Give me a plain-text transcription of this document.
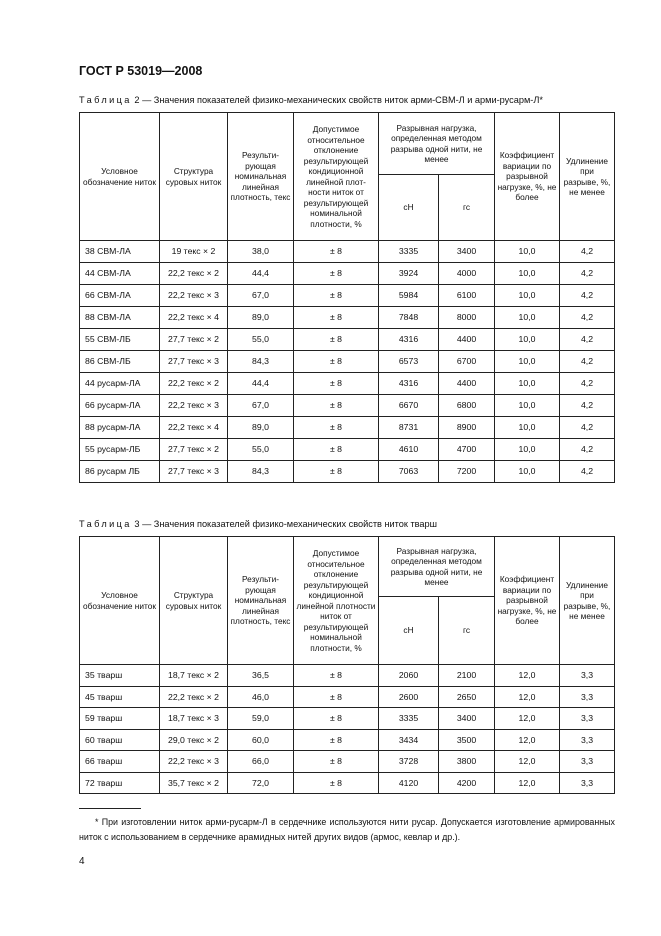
ГОСТ Р 53019—2008
Таблица 2 — Значения показателей физико-механических свойств ниток арми-СВМ-Л и арми-русарм-Л*
Условное обозначение ниток	Структура суровых ниток	Результи-рующая номинальная линейная плотность, текс	Допустимое относительное отклонение результирующей кондиционной линейной плот-ности ниток от результирующей номинальной плотности, %	Разрывная нагрузка, определенная методом разрыва одной нити, не менее		Коэффициент вариации по разрывной нагрузке, %, не более	Удлинение при разрыве, %, не менее
				сН	гс		
38 СВМ-ЛА	19 текс × 2	38,0	± 8	3335	3400	10,0	4,2
44 СВМ-ЛА	22,2 текс × 2	44,4	± 8	3924	4000	10,0	4,2
66 СВМ-ЛА	22,2 текс × 3	67,0	± 8	5984	6100	10,0	4,2
88 СВМ-ЛА	22,2 текс × 4	89,0	± 8	7848	8000	10,0	4,2
55 СВМ-ЛБ	27,7 текс × 2	55,0	± 8	4316	4400	10,0	4,2
86 СВМ-ЛБ	27,7 текс × 3	84,3	± 8	6573	6700	10,0	4,2
44 русарм-ЛА	22,2 текс × 2	44,4	± 8	4316	4400	10,0	4,2
66 русарм-ЛА	22,2 текс × 3	67,0	± 8	6670	6800	10,0	4,2
88 русарм-ЛА	22,2 текс × 4	89,0	± 8	8731	8900	10,0	4,2
55 русарм-ЛБ	27,7 текс × 2	55,0	± 8	4610	4700	10,0	4,2
86 русарм ЛБ	27,7 текс × 3	84,3	± 8	7063	7200	10,0	4,2
Таблица 3 — Значения показателей физико-механических свойств ниток тварш
Условное обозначение ниток	Структура суровых ниток	Результи-рующая номинальная линейная плотность, текс	Допустимое относительное отклонение результирующей кондиционной линейной плотности ниток от результирующей номинальной плотности, %	Разрывная нагрузка, определенная методом разрыва одной нити, не менее		Коэффициент вариации по разрывной нагрузке, %, не более	Удлинение при разрыве, %, не менее
				сН	гс		
35 тварш	18,7 текс × 2	36,5	± 8	2060	2100	12,0	3,3
45 тварш	22,2 текс × 2	46,0	± 8	2600	2650	12,0	3,3
59 тварш	18,7 текс × 3	59,0	± 8	3335	3400	12,0	3,3
60 тварш	29,0 текс × 2	60,0	± 8	3434	3500	12,0	3,3
66 тварш	22,2 текс × 3	66,0	± 8	3728	3800	12,0	3,3
72 тварш	35,7 текс × 2	72,0	± 8	4120	4200	12,0	3,3
* При изготовлении ниток арми-русарм-Л в сердечнике используются нити русар. Допускается изготовление армированных ниток с использованием в сердечнике арамидных нитей других видов (армос, кевлар и др.).
4
